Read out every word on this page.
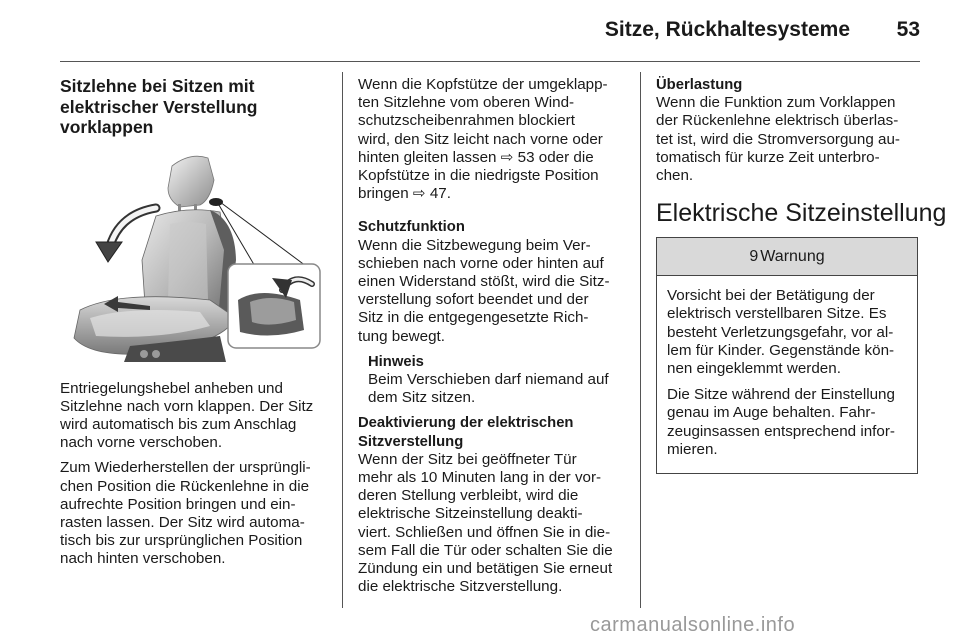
Sitze, Rückhaltesysteme	53
Sitzlehne bei Sitzen mit
elektrischer Verstellung
vorklappen

Entriegelungshebel anheben und
Sitzlehne nach vorn klappen. Der Sitz
wird automatisch bis zum Anschlag
nach vorne verschoben.

Zum Wiederherstellen der ursprüngli-
chen Position die Rückenlehne in die
aufrechte Position bringen und ein-
rasten lassen. Der Sitz wird automa-
tisch bis zur ursprünglichen Position
nach hinten verschoben.

Wenn die Kopfstütze der umgeklapp-
ten Sitzlehne vom oberen Wind-
schutzscheibenrahmen blockiert
wird, den Sitz leicht nach vorne oder
hinten gleiten lassen ⇨ 53 oder die
Kopfstütze in die niedrigste Position
bringen ⇨ 47.

Schutzfunktion

Wenn die Sitzbewegung beim Ver-
schieben nach vorne oder hinten auf
einen Widerstand stößt, wird die Sitz-
verstellung sofort beendet und der
Sitz in die entgegengesetzte Rich-
tung bewegt.

Hinweis
Beim Verschieben darf niemand auf
dem Sitz sitzen.
Deaktivierung der elektrischen
Sitzverstellung

Wenn der Sitz bei geöffneter Tür
mehr als 10 Minuten lang in der vor-
deren Stellung verbleibt, wird die
elektrische Sitzeinstellung deakti-
viert. Schließen und öffnen Sie in die-
sem Fall die Tür oder schalten Sie die
Zündung ein und betätigen Sie erneut
die elektrische Sitzverstellung.

Überlastung

Wenn die Funktion zum Vorklappen
der Rückenlehne elektrisch überlas-
tet ist, wird die Stromversorgung au-
tomatisch für kurze Zeit unterbro-
chen.

Elektrische Sitzeinstellung
9 Warnung

Vorsicht bei der Betätigung der
elektrisch verstellbaren Sitze. Es
besteht Verletzungsgefahr, vor al-
lem für Kinder. Gegenstände kön-
nen eingeklemmt werden.

Die Sitze während der Einstellung
genau im Auge behalten. Fahr-
zeuginsassen entsprechend infor-
mieren.

carmanualsonline.info
